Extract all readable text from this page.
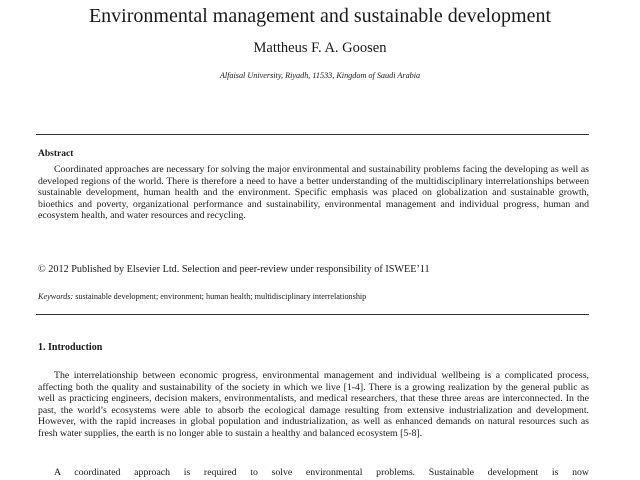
Environmental management and sustainable development
Mattheus F. A. Goosen
Alfaisal University, Riyadh, 11533, Kingdom of Saudi Arabia
Abstract

Coordinated approaches are necessary for solving the major environmental and sustainability problems facing the developing as well as developed regions of the world. There is therefore a need to have a better understanding of the multidisciplinary interrelationships between sustainable development, human health and the environment. Specific emphasis was placed on globalization and sustainable growth, bioethics and poverty, organizational performance and sustainability, environmental management and individual progress, human and ecosystem health, and water resources and recycling.

© 2012 Published by Elsevier Ltd. Selection and peer-review under responsibility of ISWEE’11

Keywords: sustainable development; environment; human health; multidisciplinary interrelationship

1. Introduction

The interrelationship between economic progress, environmental management and individual wellbeing is a complicated process, affecting both the quality and sustainability of the society in which we live [1-4]. There is a growing realization by the general public as well as practicing engineers, decision makers, environmentalists, and medical researchers, that these three areas are interconnected. In the past, the world’s ecosystems were able to absorb the ecological damage resulting from extensive industrialization and development. However, with the rapid increases in global population and industrialization, as well as enhanced demands on natural resources such as fresh water supplies, the earth is no longer able to sustain a healthy and balanced ecosystem [5-8].

A coordinated approach is required to solve environmental problems. Sustainable development is now
